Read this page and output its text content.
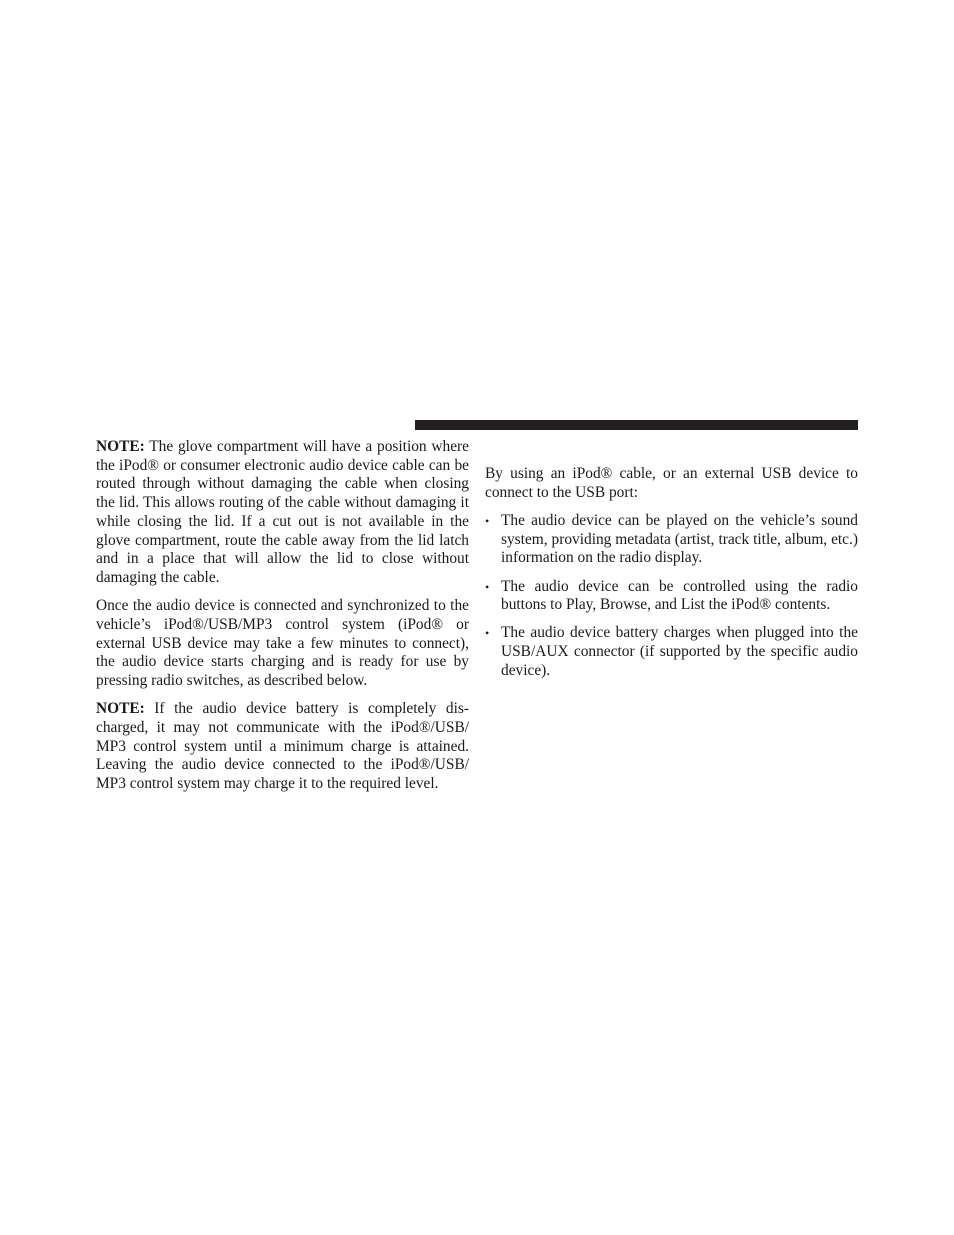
NOTE: The glove compartment will have a position where the iPod® or consumer electronic audio device cable can be routed through without damaging the cable when closing the lid. This allows routing of the cable without damaging it while closing the lid. If a cut out is not available in the glove compartment, route the cable away from the lid latch and in a place that will allow the lid to close without damaging the cable.

Once the audio device is connected and synchronized to the vehicle’s iPod®/USB/MP3 control system (iPod® or external USB device may take a few minutes to connect), the audio device starts charging and is ready for use by pressing radio switches, as described below.

NOTE: If the audio device battery is completely discharged, it may not communicate with the iPod®/USB/ MP3 control system until a minimum charge is attained. Leaving the audio device connected to the iPod®/USB/ MP3 control system may charge it to the required level.

By using an iPod® cable, or an external USB device to connect to the USB port:

• The audio device can be played on the vehicle’s sound system, providing metadata (artist, track title, album, etc.) information on the radio display.
• The audio device can be controlled using the radio buttons to Play, Browse, and List the iPod® contents.
• The audio device battery charges when plugged into the USB/AUX connector (if supported by the specific audio device).
